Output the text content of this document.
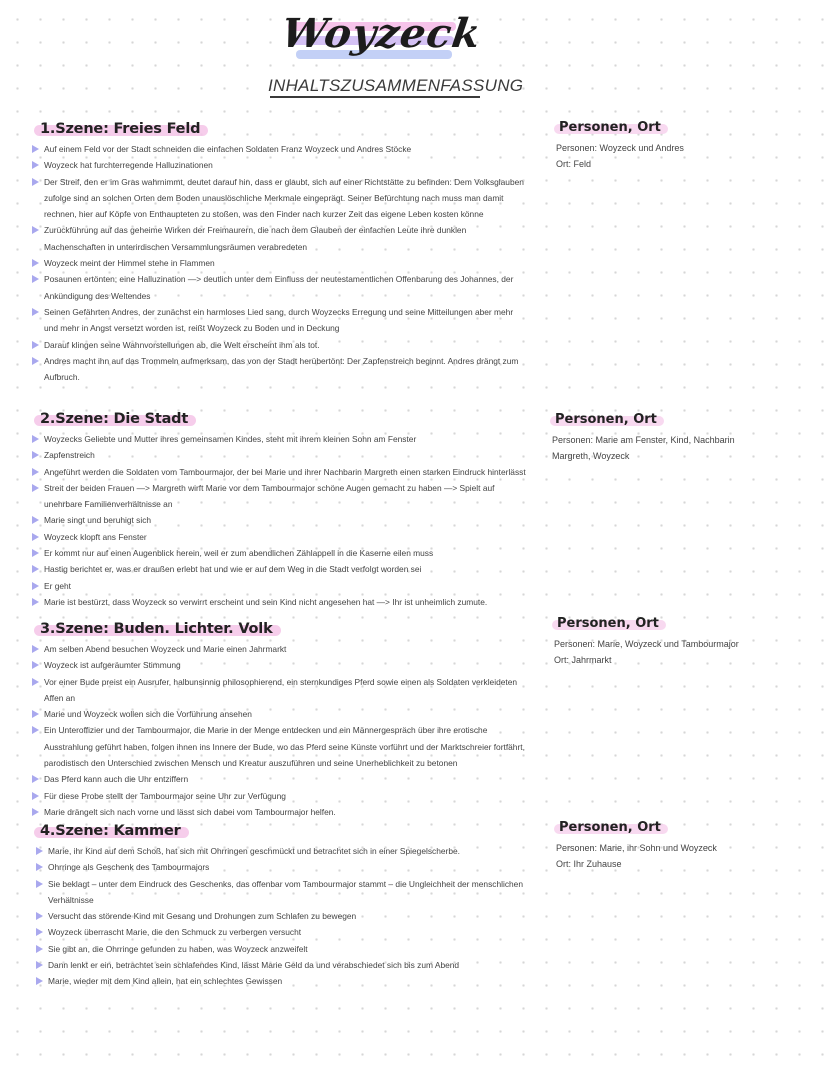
Woyzeck
INHALTSZUSAMMENFASSUNG
1.Szene: Freies Feld
Auf einem Feld vor der Stadt schneiden die einfachen Soldaten Franz Woyzeck und Andres Stöcke
Woyzeck hat furchterregende Halluzinationen
Der Streif, den er im Gras wahrnimmt, deutet darauf hin, dass er glaubt, sich auf einer Richtstätte zu befinden: Dem Volksglauben zufolge sind an solchen Orten dem Boden unauslöschliche Merkmale eingeprägt. Seiner Befürchtung nach muss man damit rechnen, hier auf Köpfe von Enthaupteten zu stoßen, was den Finder nach kurzer Zeit das eigene Leben kosten könne
Zurückführung auf das geheime Wirken der Freimaurern, die nach dem Glauben der einfachen Leute ihre dunklen Machenschaften in unterirdischen Versammlungsräumen verabredeten
Woyzeck meint der Himmel stehe in Flammen
Posaunen ertönten; eine Halluzination —> deutlich unter dem Einfluss der neutestamentlichen Offenbarung des Johannes, der Ankündigung des Weltendes
Seinen Gefährten Andres, der zunächst ein harmloses Lied sang, durch Woyzecks Erregung und seine Mitteilungen aber mehr und mehr in Angst versetzt worden ist, reißt Woyzeck zu Boden und in Deckung
Darauf klingen seine Wahnvorstellungen ab, die Welt erscheint ihm als tot.
Andres macht ihn auf das Trommeln aufmerksam, das von der Stadt herübertönt: Der Zapfenstreich beginnt. Andres drängt zum Aufbruch.
Personen, Ort
Personen: Woyzeck und Andres
Ort: Feld
2.Szene: Die Stadt
Woyzecks Geliebte und Mutter ihres gemeinsamen Kindes, steht mit ihrem kleinen Sohn am Fenster
Zapfenstreich
Angeführt werden die Soldaten vom Tambourmajor, der bei Marie und ihrer Nachbarin Margreth einen starken Eindruck hinterlässt
Streit der beiden Frauen —> Margreth wirft Marie vor dem Tambourmajor schöne Augen gemacht zu haben —> Spielt auf unehrbare Familienverhältnisse an
Marie singt und beruhigt sich
Woyzeck klopft ans Fenster
Er kommt nur auf einen Augenblick herein, weil er zum abendlichen Zählappell in die Kaserne eilen muss
Hastig berichtet er, was er draußen erlebt hat und wie er auf dem Weg in die Stadt verfolgt worden sei
Er geht
Marie ist bestürzt, dass Woyzeck so verwirrt erscheint und sein Kind nicht angesehen hat —> Ihr ist unheimlich zumute.
Personen, Ort
Personen: Marie am Fenster, Kind, Nachbarin
Margreth, Woyzeck
3.Szene: Buden. Lichter. Volk
Am selben Abend besuchen Woyzeck und Marie einen Jahrmarkt
Woyzeck ist aufgeräumter Stimmung
Vor einer Bude preist ein Ausrufer, halbunsinnig philosophierend, ein sternkundiges Pferd sowie einen als Soldaten verkleideten Affen an
Marie und Woyzeck wollen sich die Vorführung ansehen
Ein Unteroffizier und der Tambourmajor, die Marie in der Menge entdecken und ein Männergespräch über ihre erotische Ausstrahlung geführt haben, folgen ihnen ins Innere der Bude, wo das Pferd seine Künste vorführt und der Marktschreier fortfährt, parodistisch den Unterschied zwischen Mensch und Kreatur auszuführen und seine Unerheblichkeit zu betonen
Das Pferd kann auch die Uhr entziffern
Für diese Probe stellt der Tambourmajor seine Uhr zur Verfügung
Marie drängelt sich nach vorne und lässt sich dabei vom Tambourmajor helfen.
Personen, Ort
Personen: Marie, Woyzeck und Tambourmajor
Ort: Jahrmarkt
4.Szene: Kammer
Marie, ihr Kind auf dem Schoß, hat sich mit Ohrringen geschmückt und betrachtet sich in einer Spiegelscherbe.
Ohrringe als Geschenk des Tambourmajors
Sie beklagt – unter dem Eindruck des Geschenks, das offenbar vom Tambourmajor stammt – die Ungleichheit der menschlichen Verhältnisse
Versucht das störende Kind mit Gesang und Drohungen zum Schlafen zu bewegen
Woyzeck überrascht Marie, die den Schmuck zu verbergen versucht
Sie gibt an, die Ohrringe gefunden zu haben, was Woyzeck anzweifelt
Dann lenkt er ein, betrachtet sein schlafendes Kind, lässt Marie Geld da und verabschiedet sich bis zum Abend
Marie, wieder mit dem Kind allein, hat ein schlechtes Gewissen
Personen, Ort
Personen: Marie, ihr Sohn und Woyzeck
Ort: Ihr Zuhause
